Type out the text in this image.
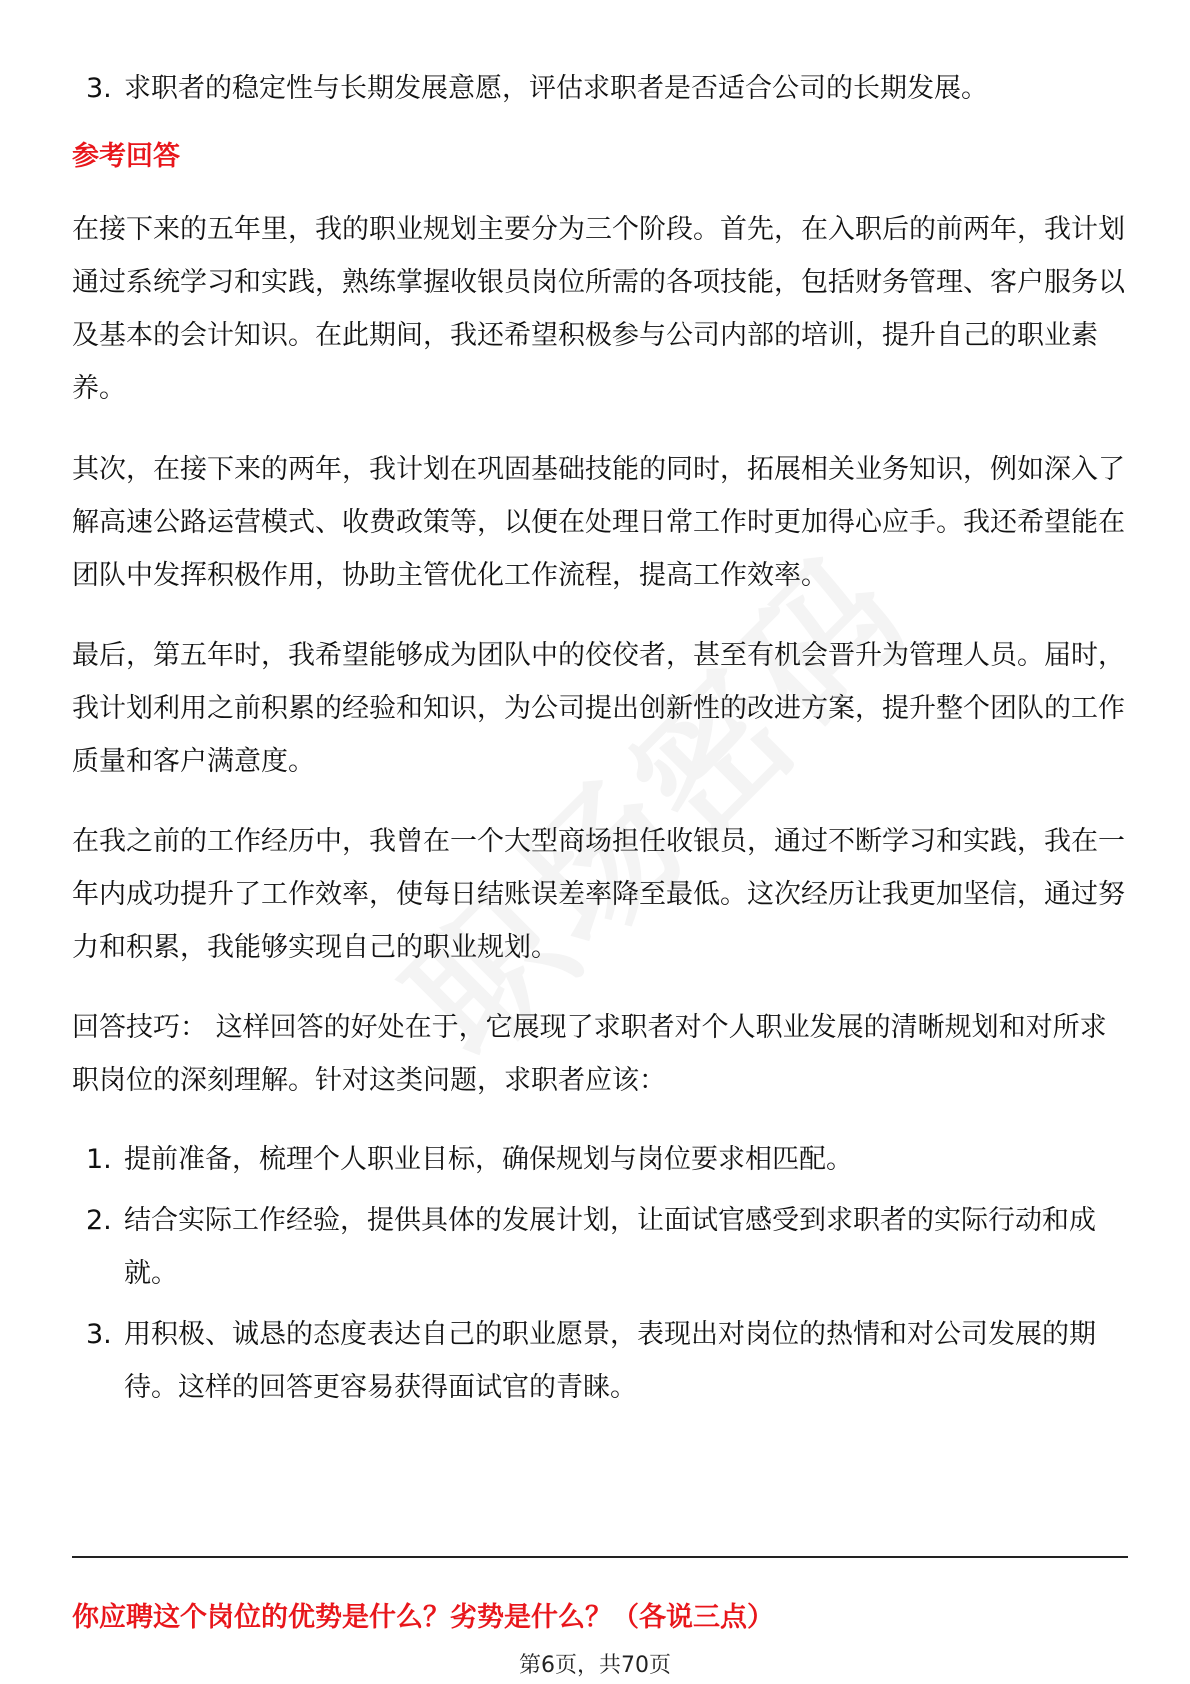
3. 求职者的稳定性与长期发展意愿，评估求职者是否适合公司的长期发展。
参考回答

在接下来的五年里，我的职业规划主要分为三个阶段。首先，在入职后的前两年，我计划通过系统学习和实践，熟练掌握收银员岗位所需的各项技能，包括财务管理、客户服务以及基本的会计知识。在此期间，我还希望积极参与公司内部的培训，提升自己的职业素养。

其次，在接下来的两年，我计划在巩固基础技能的同时，拓展相关业务知识，例如深入了解高速公路运营模式、收费政策等，以便在处理日常工作时更加得心应手。我还希望能在团队中发挥积极作用，协助主管优化工作流程，提高工作效率。

最后，第五年时，我希望能够成为团队中的佼佼者，甚至有机会晋升为管理人员。届时，我计划利用之前积累的经验和知识，为公司提出创新性的改进方案，提升整个团队的工作质量和客户满意度。

在我之前的工作经历中，我曾在一个大型商场担任收银员，通过不断学习和实践，我在一年内成功提升了工作效率，使每日结账误差率降至最低。这次经历让我更加坚信，通过努力和积累，我能够实现自己的职业规划。

回答技巧： 这样回答的好处在于，它展现了求职者对个人职业发展的清晰规划和对所求职岗位的深刻理解。针对这类问题，求职者应该：

1. 提前准备，梳理个人职业目标，确保规划与岗位要求相匹配。
2. 结合实际工作经验，提供具体的发展计划，让面试官感受到求职者的实际行动和成就。
3. 用积极、诚恳的态度表达自己的职业愿景，表现出对岗位的热情和对公司发展的期待。这样的回答更容易获得面试官的青睐。
你应聘这个岗位的优势是什么？劣势是什么？（各说三点）
第6页，共70页
